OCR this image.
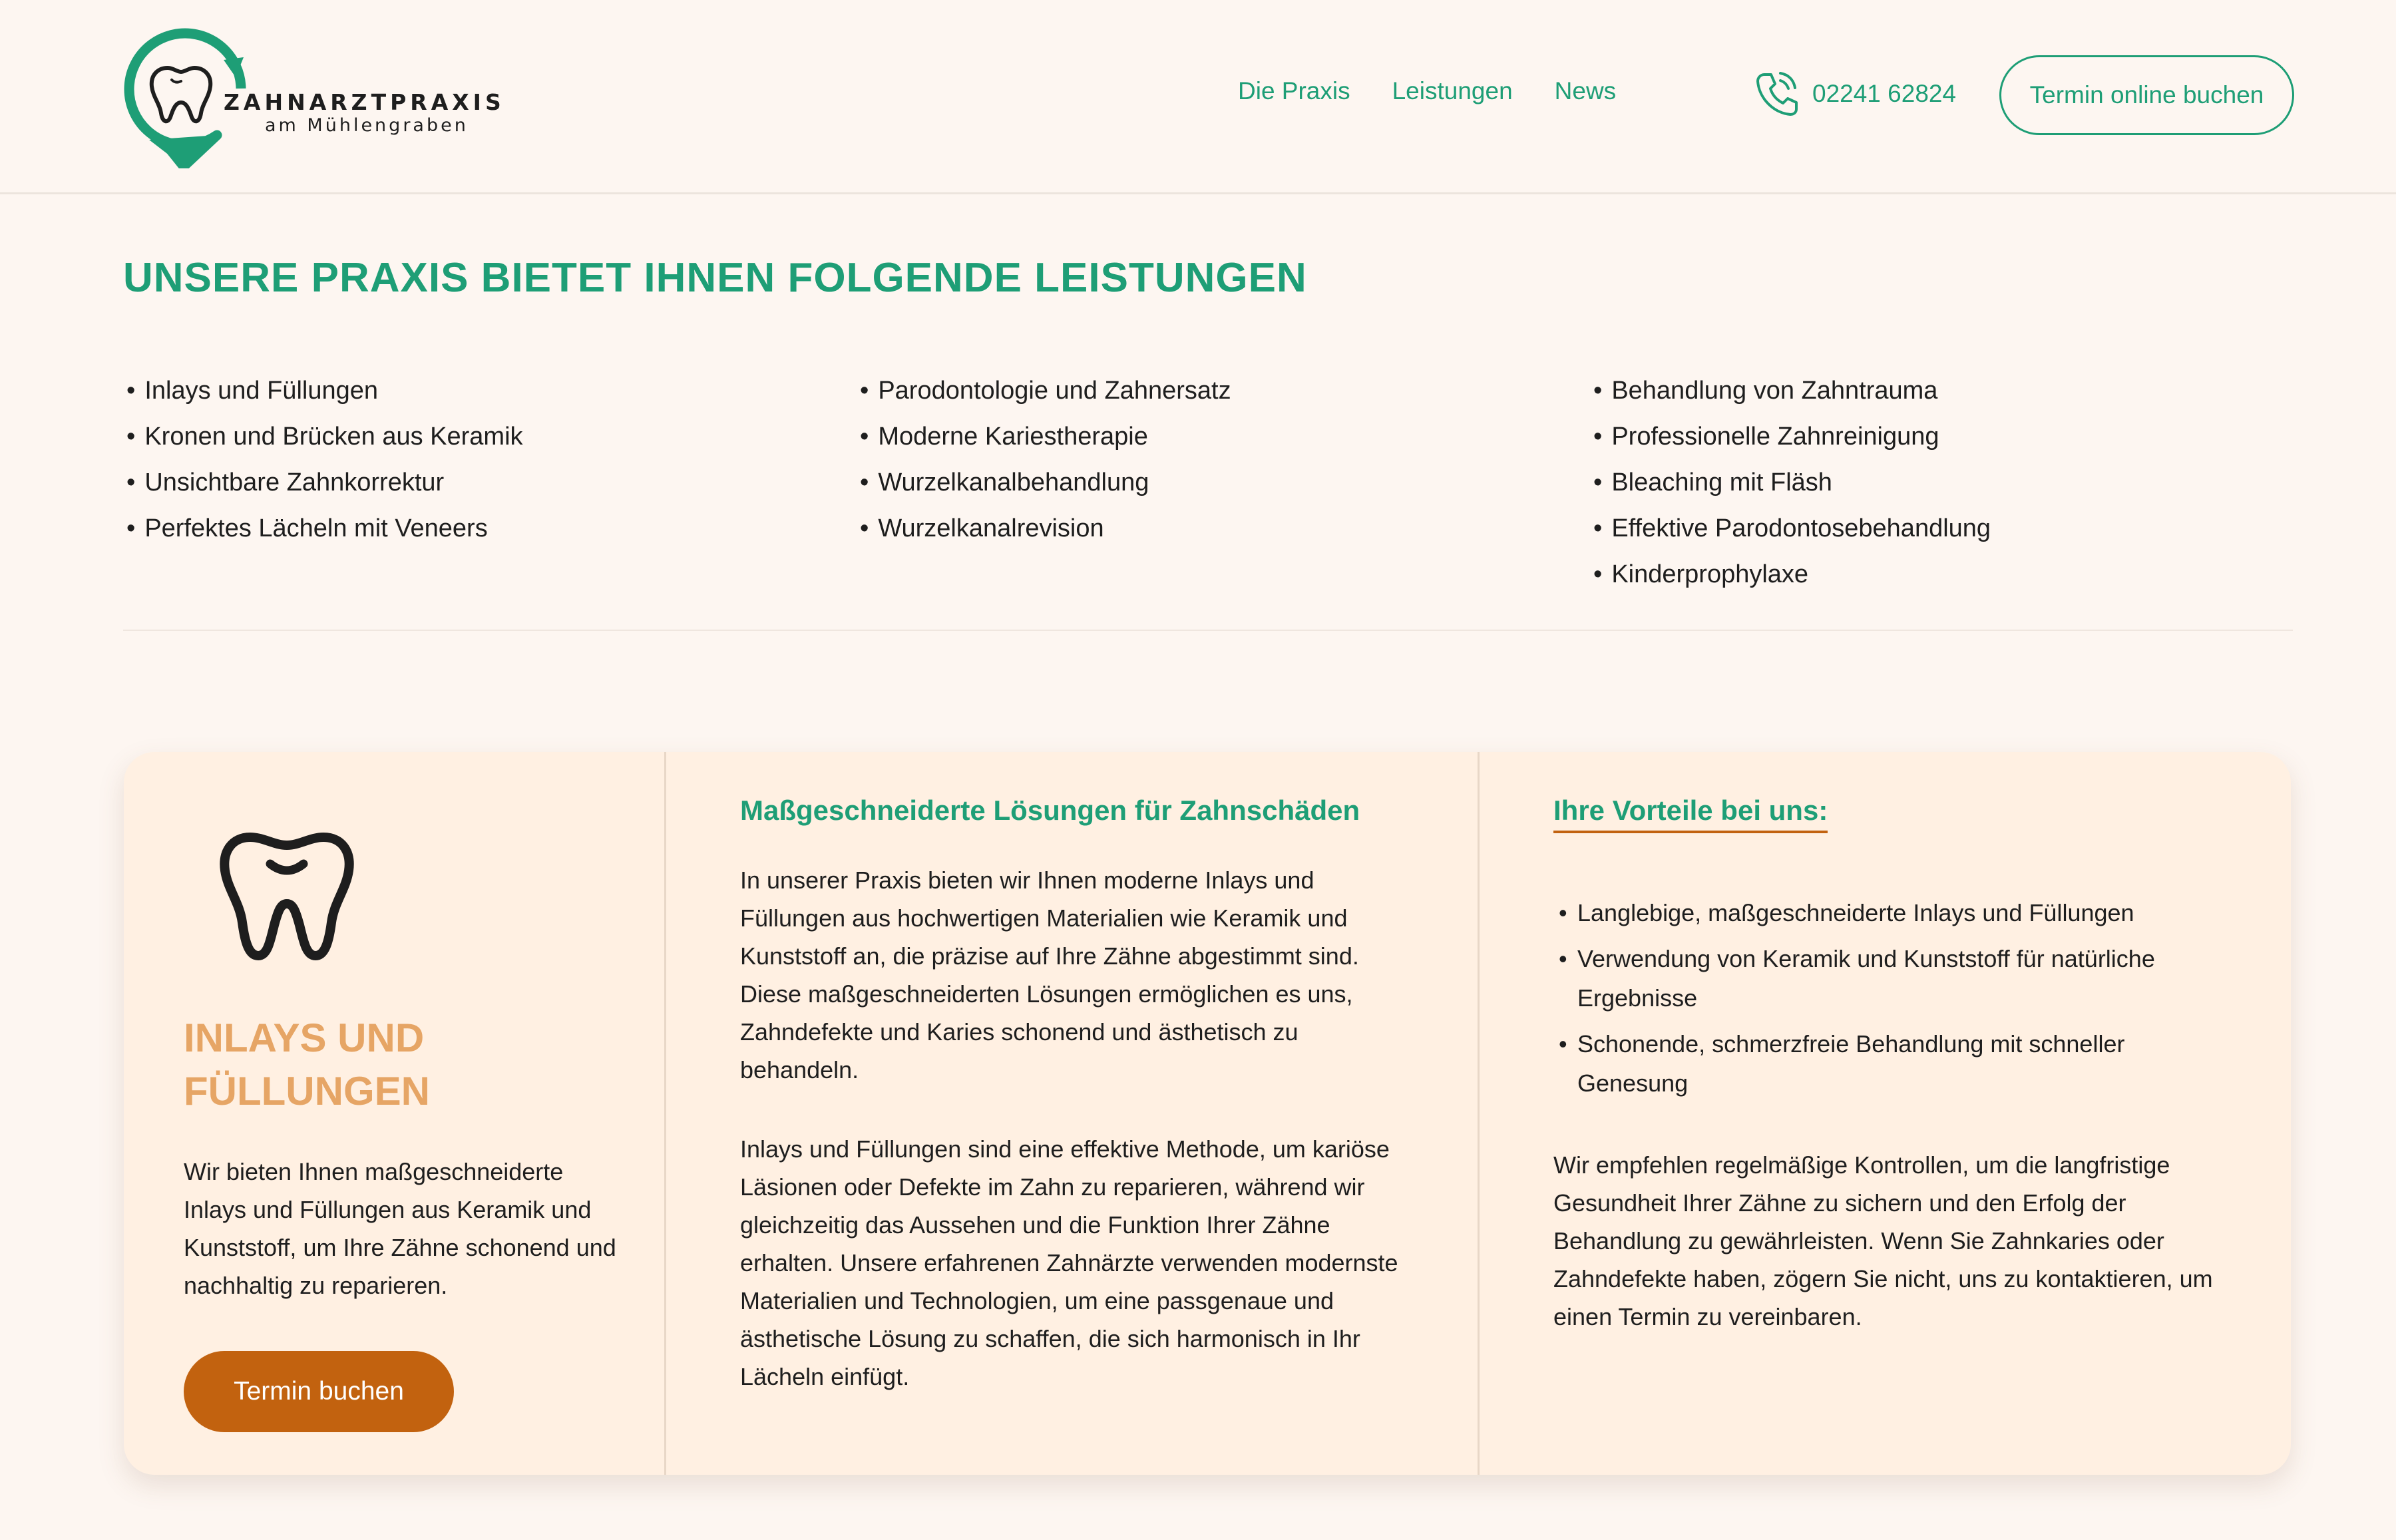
ZAHNARZTPRAXIS
am Mühlengraben
Die Praxis Leistungen News	02241 62824	Termin online buchen
UNSERE PRAXIS BIETET IHNEN FOLGENDE LEISTUNGEN
• Inlays und Füllungen
• Kronen und Brücken aus Keramik
• Unsichtbare Zahnkorrektur
• Perfektes Lächeln mit Veneers
• Parodontologie und Zahnersatz
• Moderne Kariestherapie
• Wurzelkanalbehandlung
• Wurzelkanalrevision
• Behandlung von Zahntrauma
• Professionelle Zahnreinigung
• Bleaching mit Fläsh
• Effektive Parodontosebehandlung
• Kinderprophylaxe
INLAYS UND
FÜLLUNGEN

Wir bieten Ihnen maßgeschneiderte Inlays und Füllungen aus Keramik und Kunststoff, um Ihre Zähne schonend und nachhaltig zu reparieren.

Termin buchen
Maßgeschneiderte Lösungen für Zahnschäden

In unserer Praxis bieten wir Ihnen moderne Inlays und Füllungen aus hochwertigen Materialien wie Keramik und Kunststoff an, die präzise auf Ihre Zähne abgestimmt sind. Diese maßgeschneiderten Lösungen ermöglichen es uns, Zahndefekte und Karies schonend und ästhetisch zu behandeln.

Inlays und Füllungen sind eine effektive Methode, um kariöse Läsionen oder Defekte im Zahn zu reparieren, während wir gleichzeitig das Aussehen und die Funktion Ihrer Zähne erhalten. Unsere erfahrenen Zahnärzte verwenden modernste Materialien und Technologien, um eine passgenaue und ästhetische Lösung zu schaffen, die sich harmonisch in Ihr Lächeln einfügt.

Ihre Vorteile bei uns:
• Langlebige, maßgeschneiderte Inlays und Füllungen
• Verwendung von Keramik und Kunststoff für natürliche Ergebnisse
• Schonende, schmerzfreie Behandlung mit schneller Genesung

Wir empfehlen regelmäßige Kontrollen, um die langfristige Gesundheit Ihrer Zähne zu sichern und den Erfolg der Behandlung zu gewährleisten. Wenn Sie Zahnkaries oder Zahndefekte haben, zögern Sie nicht, uns zu kontaktieren, um einen Termin zu vereinbaren.
